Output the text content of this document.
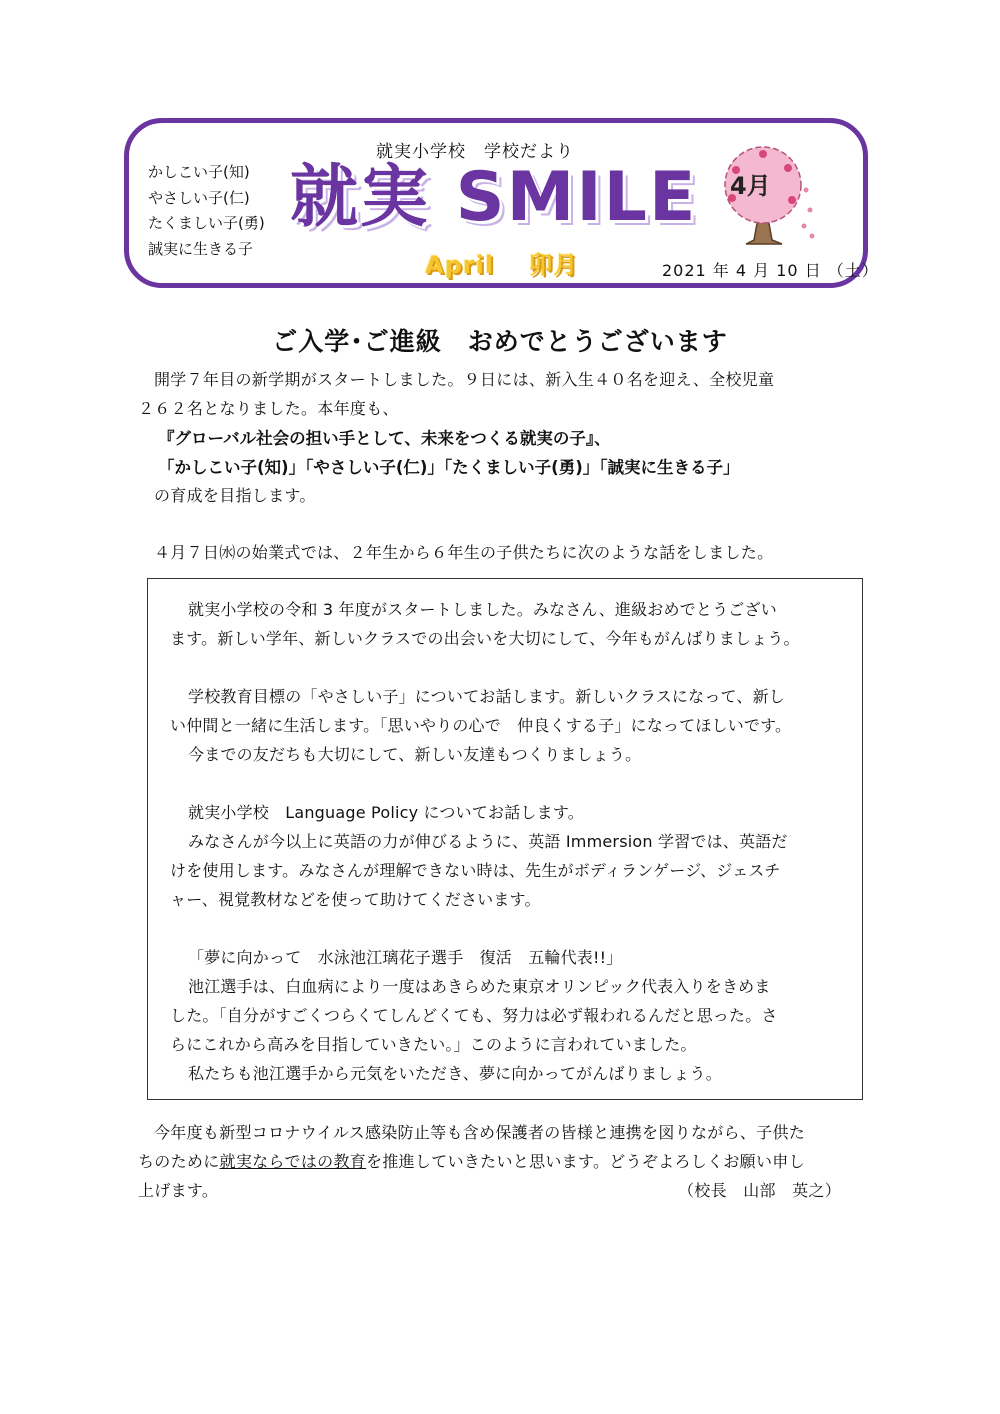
かしこい子(知)
やさしい子(仁)
たくましい子(勇)
誠実に生きる子
就実小学校　学校だより
就実 SMILE
April　 卯月	2021 年 4 月 10 日 （土）
4月
ご入学･ご進級　おめでとうございます
開学７年目の新学期がスタートしました。９日には、新入生４０名を迎え、全校児童
２６２名となりました。本年度も、
『グローバル社会の担い手として、未来をつくる就実の子』、
「かしこい子(知)」「やさしい子(仁)」「たくましい子(勇)」「誠実に生きる子」
の育成を目指します。
４月７日㈬の始業式では、２年生から６年生の子供たちに次のような話をしました。
就実小学校の令和 3 年度がスタートしました。みなさん、進級おめでとうござい
ます。新しい学年、新しいクラスでの出会いを大切にして、今年もがんばりましょう。
学校教育目標の「やさしい子」についてお話します。新しいクラスになって、新し
い仲間と一緒に生活します。「思いやりの心で　仲良くする子」になってほしいです。
今までの友だちも大切にして、新しい友達もつくりましょう。
就実小学校　Language Policy についてお話します。
みなさんが今以上に英語の力が伸びるように、英語 Immersion 学習では、英語だ
けを使用します。みなさんが理解できない時は、先生がボディランゲージ、ジェスチ
ャー、視覚教材などを使って助けてくださいます。
「夢に向かって　水泳池江璃花子選手　復活　五輪代表!!」
池江選手は、白血病により一度はあきらめた東京オリンピック代表入りをきめま
した。「自分がすごくつらくてしんどくても、努力は必ず報われるんだと思った。さ
らにこれから高みを目指していきたい。」このように言われていました。
私たちも池江選手から元気をいただき、夢に向かってがんばりましょう。
今年度も新型コロナウイルス感染防止等も含め保護者の皆様と連携を図りながら、子供た
ちのために就実ならではの教育を推進していきたいと思います。どうぞよろしくお願い申し
上げます。	（校長　山部　英之）
